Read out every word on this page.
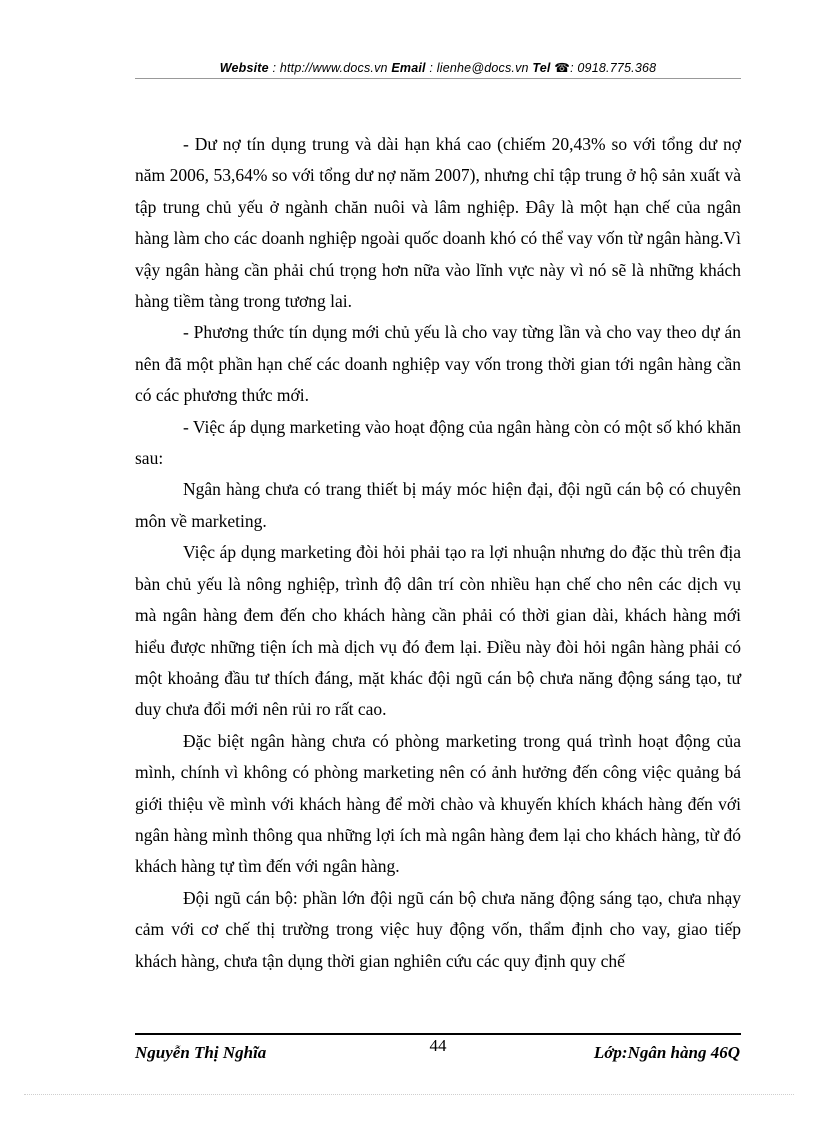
Website : http://www.docs.vn Email : lienhe@docs.vn Tel ☎: 0918.775.368

- Dư nợ tín dụng trung và dài hạn khá cao (chiếm 20,43% so với tổng dư nợ năm 2006, 53,64% so với tổng dư nợ năm 2007), nhưng chỉ tập trung ở hộ sản xuất và tập trung chủ yếu ở ngành chăn nuôi và lâm nghiệp. Đây là một hạn chế của ngân hàng làm cho các doanh nghiệp ngoài quốc doanh khó có thể vay vốn từ ngân hàng.Vì vậy ngân hàng cần phải chú trọng hơn nữa vào lĩnh vực này vì nó sẽ là những khách hàng tiềm tàng trong tương lai.

- Phương thức tín dụng mới chủ yếu là cho vay từng lần và cho vay theo dự án nên đã một phần hạn chế các doanh nghiệp vay vốn trong thời gian tới ngân hàng cần có các phương thức mới.

- Việc áp dụng marketing vào hoạt động của ngân hàng còn có một số khó khăn sau:

Ngân hàng chưa có trang thiết bị máy móc hiện đại, đội ngũ cán bộ có chuyên môn về marketing.

Việc áp dụng marketing đòi hỏi phải tạo ra lợi nhuận nhưng do đặc thù trên địa bàn chủ yếu là nông nghiệp, trình độ dân trí còn nhiều hạn chế cho nên các dịch vụ mà ngân hàng đem đến cho khách hàng cần phải có thời gian dài, khách hàng mới hiểu được những tiện ích mà dịch vụ đó đem lại. Điều này đòi hỏi ngân hàng phải có một khoảng đầu tư thích đáng, mặt khác đội ngũ cán bộ chưa năng động sáng tạo, tư duy chưa đổi mới nên rủi ro rất cao.

Đặc biệt ngân hàng chưa có phòng marketing trong quá trình hoạt động của mình, chính vì không có phòng marketing nên có ảnh hưởng đến công việc quảng bá giới thiệu về mình với khách hàng để mời chào và khuyến khích khách hàng đến với ngân hàng mình thông qua những lợi ích mà ngân hàng đem lại cho khách hàng, từ đó khách hàng tự tìm đến với ngân hàng.

Đội ngũ cán bộ: phần lớn đội ngũ cán bộ chưa năng động sáng tạo, chưa nhạy cảm với cơ chế thị trường trong việc huy động vốn, thẩm định cho vay, giao tiếp khách hàng, chưa tận dụng thời gian nghiên cứu các quy định quy chế

Nguyễn Thị Nghĩa	44	Lớp:Ngân hàng 46Q
